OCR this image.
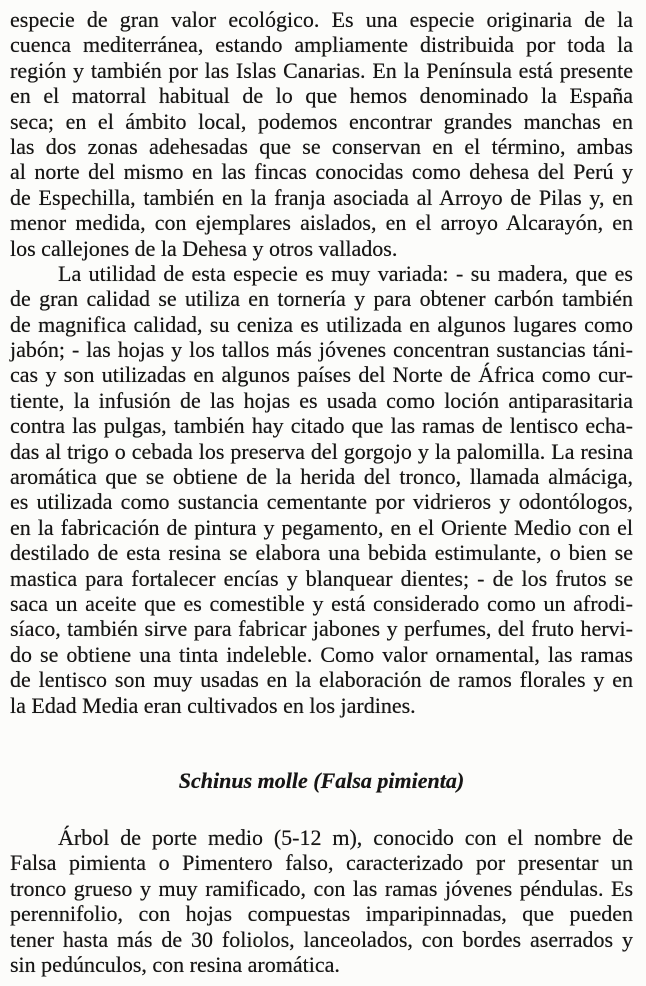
especie de gran valor ecológico. Es una especie originaria de la
cuenca mediterránea, estando ampliamente distribuida por toda la
región y también por las Islas Canarias. En la Península está presente
en el matorral habitual de lo que hemos denominado la España
seca; en el ámbito local, podemos encontrar grandes manchas en
las dos zonas adehesadas que se conservan en el término, ambas
al norte del mismo en las fincas conocidas como dehesa del Perú y
de Espechilla, también en la franja asociada al Arroyo de Pilas y, en
menor medida, con ejemplares aislados, en el arroyo Alcarayón, en
los callejones de la Dehesa y otros vallados.
La utilidad de esta especie es muy variada: - su madera, que es
de gran calidad se utiliza en tornería y para obtener carbón también
de magnifica calidad, su ceniza es utilizada en algunos lugares como
jabón; - las hojas y los tallos más jóvenes concentran sustancias táni-
cas y son utilizadas en algunos países del Norte de África como cur-
tiente, la infusión de las hojas es usada como loción antiparasitaria
contra las pulgas, también hay citado que las ramas de lentisco echa-
das al trigo o cebada los preserva del gorgojo y la palomilla. La resina
aromática que se obtiene de la herida del tronco, llamada almáciga,
es utilizada como sustancia cementante por vidrieros y odontólogos,
en la fabricación de pintura y pegamento, en el Oriente Medio con el
destilado de esta resina se elabora una bebida estimulante, o bien se
mastica para fortalecer encías y blanquear dientes; - de los frutos se
saca un aceite que es comestible y está considerado como un afrodi-
síaco, también sirve para fabricar jabones y perfumes, del fruto hervi-
do se obtiene una tinta indeleble. Como valor ornamental, las ramas
de lentisco son muy usadas en la elaboración de ramos florales y en
la Edad Media eran cultivados en los jardines.
Schinus molle (Falsa pimienta)
Árbol de porte medio (5-12 m), conocido con el nombre de
Falsa pimienta o Pimentero falso, caracterizado por presentar un
tronco grueso y muy ramificado, con las ramas jóvenes péndulas. Es
perennifolio, con hojas compuestas imparipinnadas, que pueden
tener hasta más de 30 foliolos, lanceolados, con bordes aserrados y
sin pedúnculos, con resina aromática.
